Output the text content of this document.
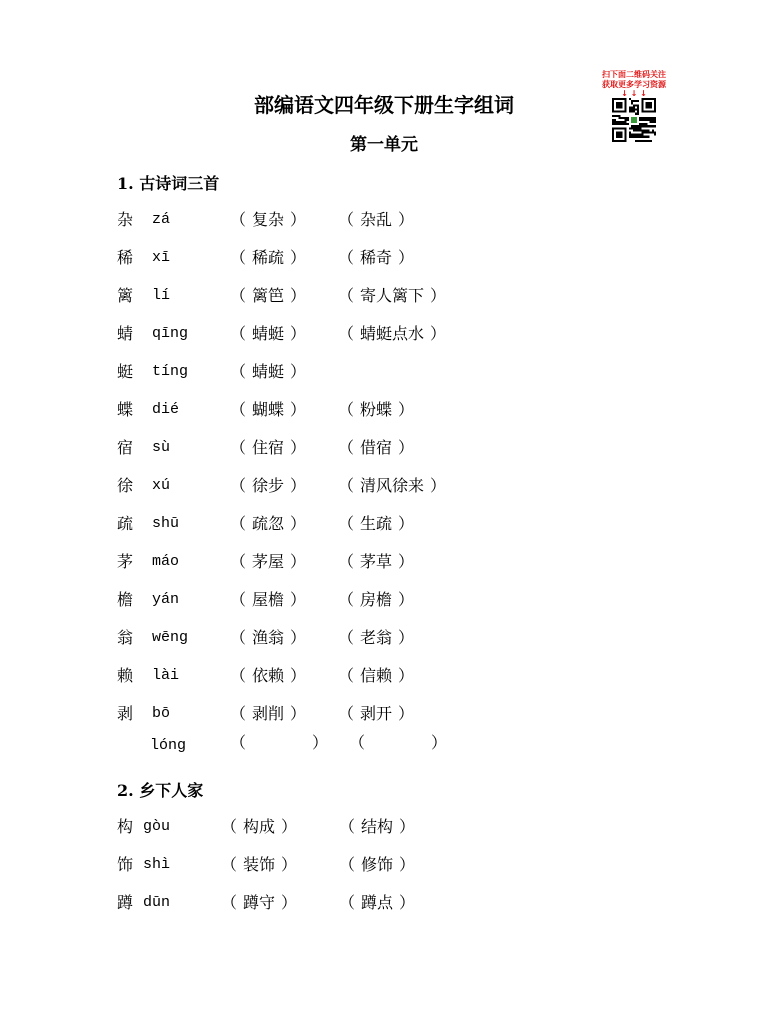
扫下面二维码关注
获取更多学习资源
↓ ↓ ↓
部编语文四年级下册生字组词
第一单元
1. 古诗词三首
杂 zá	（ 复杂 ） （ 杂乱 ）
稀 xī	（ 稀疏 ） （ 稀奇 ）
篱 lí	（ 篱笆 ） （ 寄人篱下 ）
蜻 qīng	（ 蜻蜓 ） （ 蜻蜓点水 ）
蜓 tíng	（ 蜻蜓 ）
蝶 dié	（ 蝴蝶 ） （ 粉蝶 ）
宿 sù	（ 住宿 ） （ 借宿 ）
徐 xú	（ 徐步 ） （ 清风徐来 ）
疏 shū	（ 疏忽 ） （ 生疏 ）
茅 máo	（ 茅屋 ） （ 茅草 ）
檐 yán	（ 屋檐 ） （ 房檐 ）
翁 wēng	（ 渔翁 ） （ 老翁 ）
赖 lài	（ 依赖 ） （ 信赖 ）
剥 bō	（ 剥削 ） （ 剥开 ）
lóng	（	） （	）
2. 乡下人家
构 gòu	（ 构成 ）	（ 结构 ）
饰 shì	（ 装饰 ）	（ 修饰 ）
蹲 dūn	（ 蹲守 ）	（ 蹲点 ）
